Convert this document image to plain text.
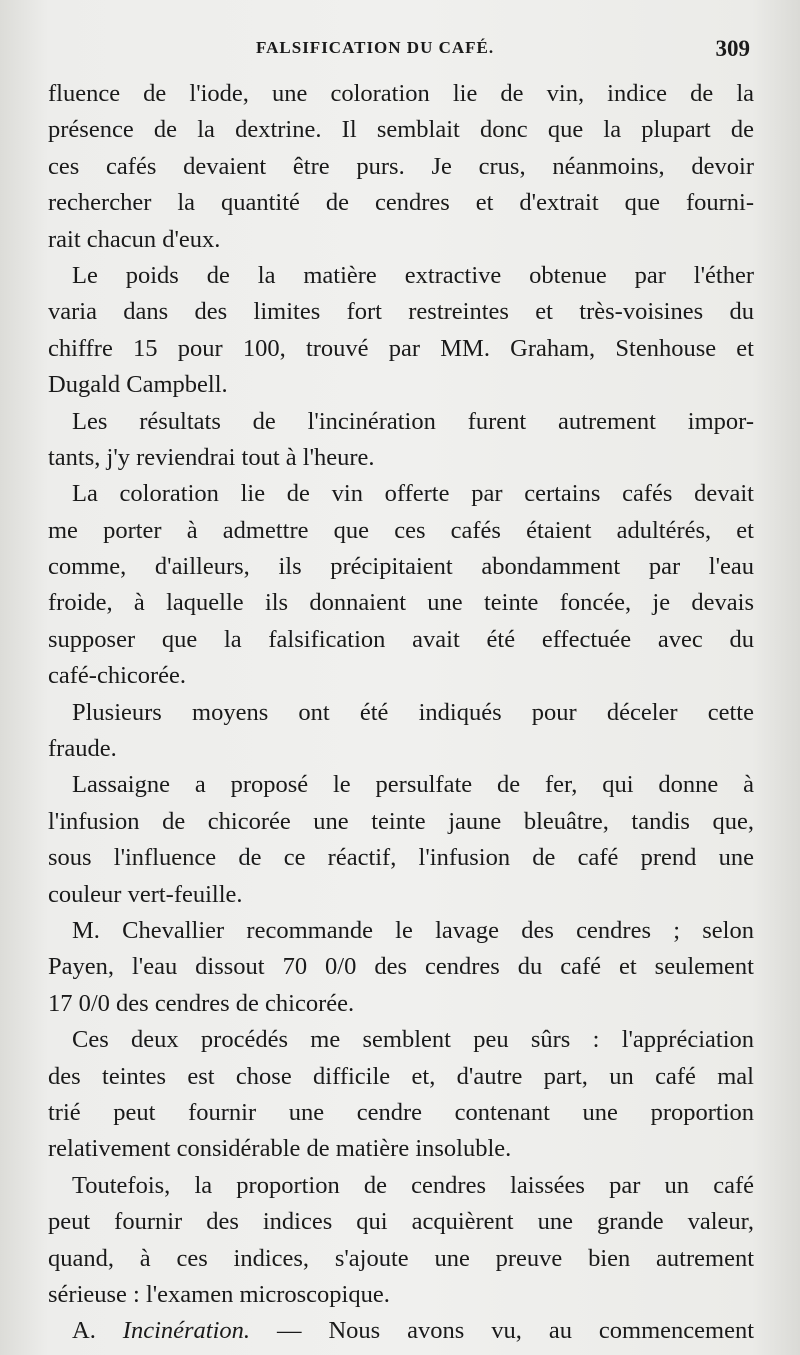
FALSIFICATION DU CAFÉ.	309
fluence de l'iode, une coloration lie de vin, indice de la
présence de la dextrine. Il semblait donc que la plupart de
ces cafés devaient être purs. Je crus, néanmoins, devoir
rechercher la quantité de cendres et d'extrait que fourni-
rait chacun d'eux.
Le poids de la matière extractive obtenue par l'éther
varia dans des limites fort restreintes et très-voisines du
chiffre 15 pour 100, trouvé par MM. Graham, Stenhouse et
Dugald Campbell.
Les résultats de l'incinération furent autrement impor-
tants, j'y reviendrai tout à l'heure.
La coloration lie de vin offerte par certains cafés devait
me porter à admettre que ces cafés étaient adultérés, et
comme, d'ailleurs, ils précipitaient abondamment par l'eau
froide, à laquelle ils donnaient une teinte foncée, je devais
supposer que la falsification avait été effectuée avec du
café-chicorée.
Plusieurs moyens ont été indiqués pour déceler cette
fraude.
Lassaigne a proposé le persulfate de fer, qui donne à
l'infusion de chicorée une teinte jaune bleuâtre, tandis que,
sous l'influence de ce réactif, l'infusion de café prend une
couleur vert-feuille.
M. Chevallier recommande le lavage des cendres ; selon
Payen, l'eau dissout 70 0/0 des cendres du café et seulement
17 0/0 des cendres de chicorée.
Ces deux procédés me semblent peu sûrs : l'appréciation
des teintes est chose difficile et, d'autre part, un café mal
trié peut fournir une cendre contenant une proportion
relativement considérable de matière insoluble.
Toutefois, la proportion de cendres laissées par un café
peut fournir des indices qui acquièrent une grande valeur,
quand, à ces indices, s'ajoute une preuve bien autrement
sérieuse : l'examen microscopique.
A. Incinération. — Nous avons vu, au commencement
